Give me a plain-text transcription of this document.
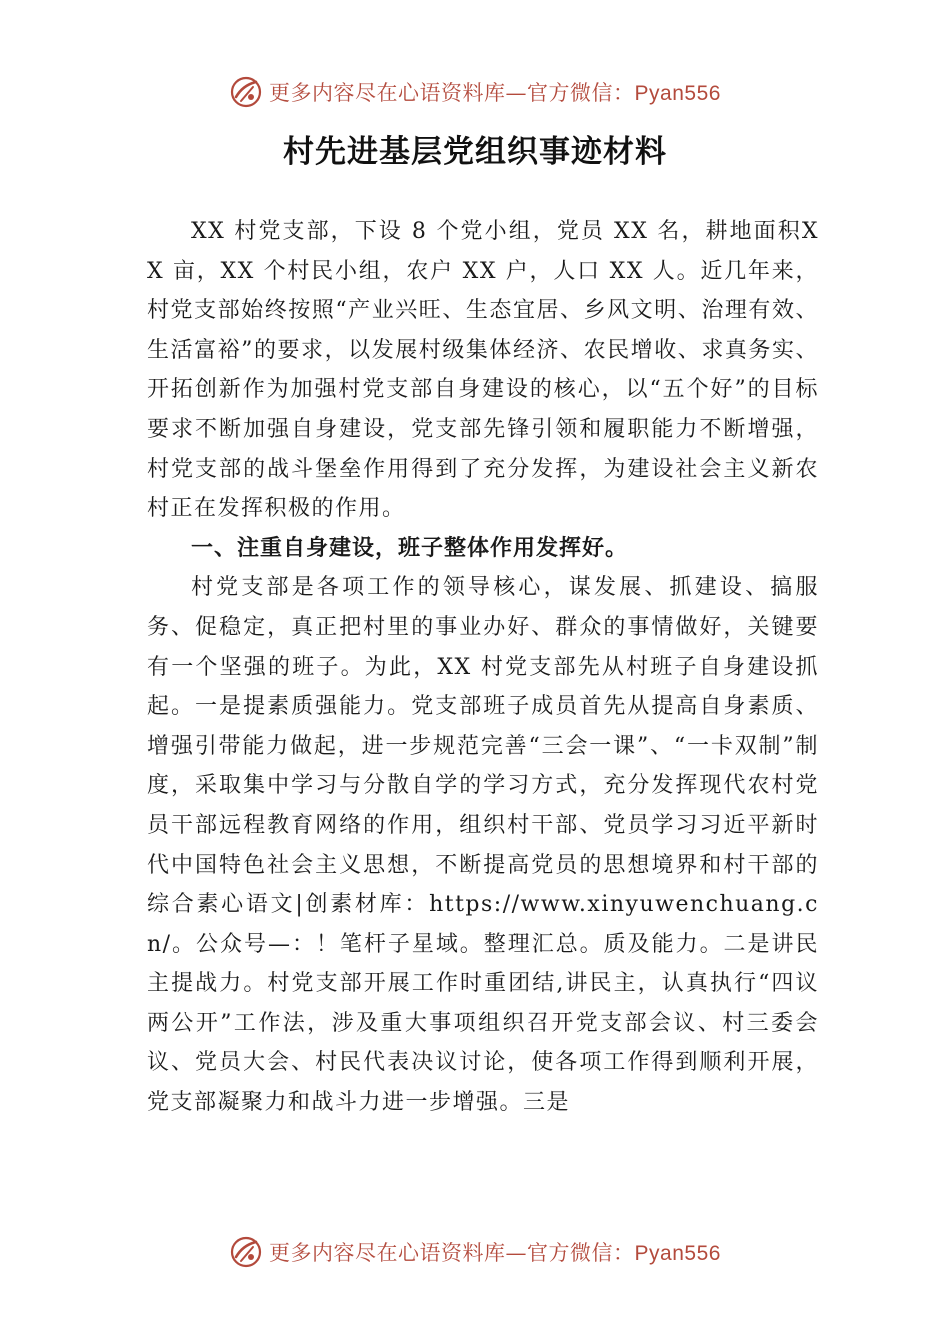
更多内容尽在心语资料库—官方微信：Pyan556
村先进基层党组织事迹材料

XX 村党支部，下设 8 个党小组，党员 XX 名，耕地面积XX 亩，XX 个村民小组，农户 XX 户，人口 XX 人。近几年来， 村党支部始终按照“产业兴旺、生态宜居、乡风文明、治理有效、生活富裕”的要求，以发展村级集体经济、农民增收、求真务实、开拓创新作为加强村党支部自身建设的核心，以“五个好”的目标要求不断加强自身建设，党支部先锋引领和履职能力不断增强，村党支部的战斗堡垒作用得到了充分发挥，为建设社会主义新农村正在发挥积极的作用。

一、注重自身建设，班子整体作用发挥好。

村党支部是各项工作的领导核心，谋发展、抓建设、搞服务、促稳定，真正把村里的事业办好、群众的事情做好，关键要有一个坚强的班子。为此，XX 村党支部先从村班子自身建设抓起。一是提素质强能力。党支部班子成员首先从提高自身素质、增强引带能力做起，进一步规范完善“三会一课”、“一卡双制”制度，采取集中学习与分散自学的学习方式，充分发挥现代农村党员干部远程教育网络的作用，组织村干部、党员学习习近平新时代中国特色社会主义思想，不断提高党员的思想境界和村干部的综合素心语文|创素材库：https://www.xinyuwenchuang.cn/。公众号—：！笔杆子星域。整理汇总。质及能力。二是讲民主提战力。村党支部开展工作时重团结,讲民主，认真执行“四议两公开”工作法，涉及重大事项组织召开党支部会议、村三委会议、党员大会、村民代表决议讨论，使各项工作得到顺利开展，党支部凝聚力和战斗力进一步增强。三是

更多内容尽在心语资料库—官方微信：Pyan556
